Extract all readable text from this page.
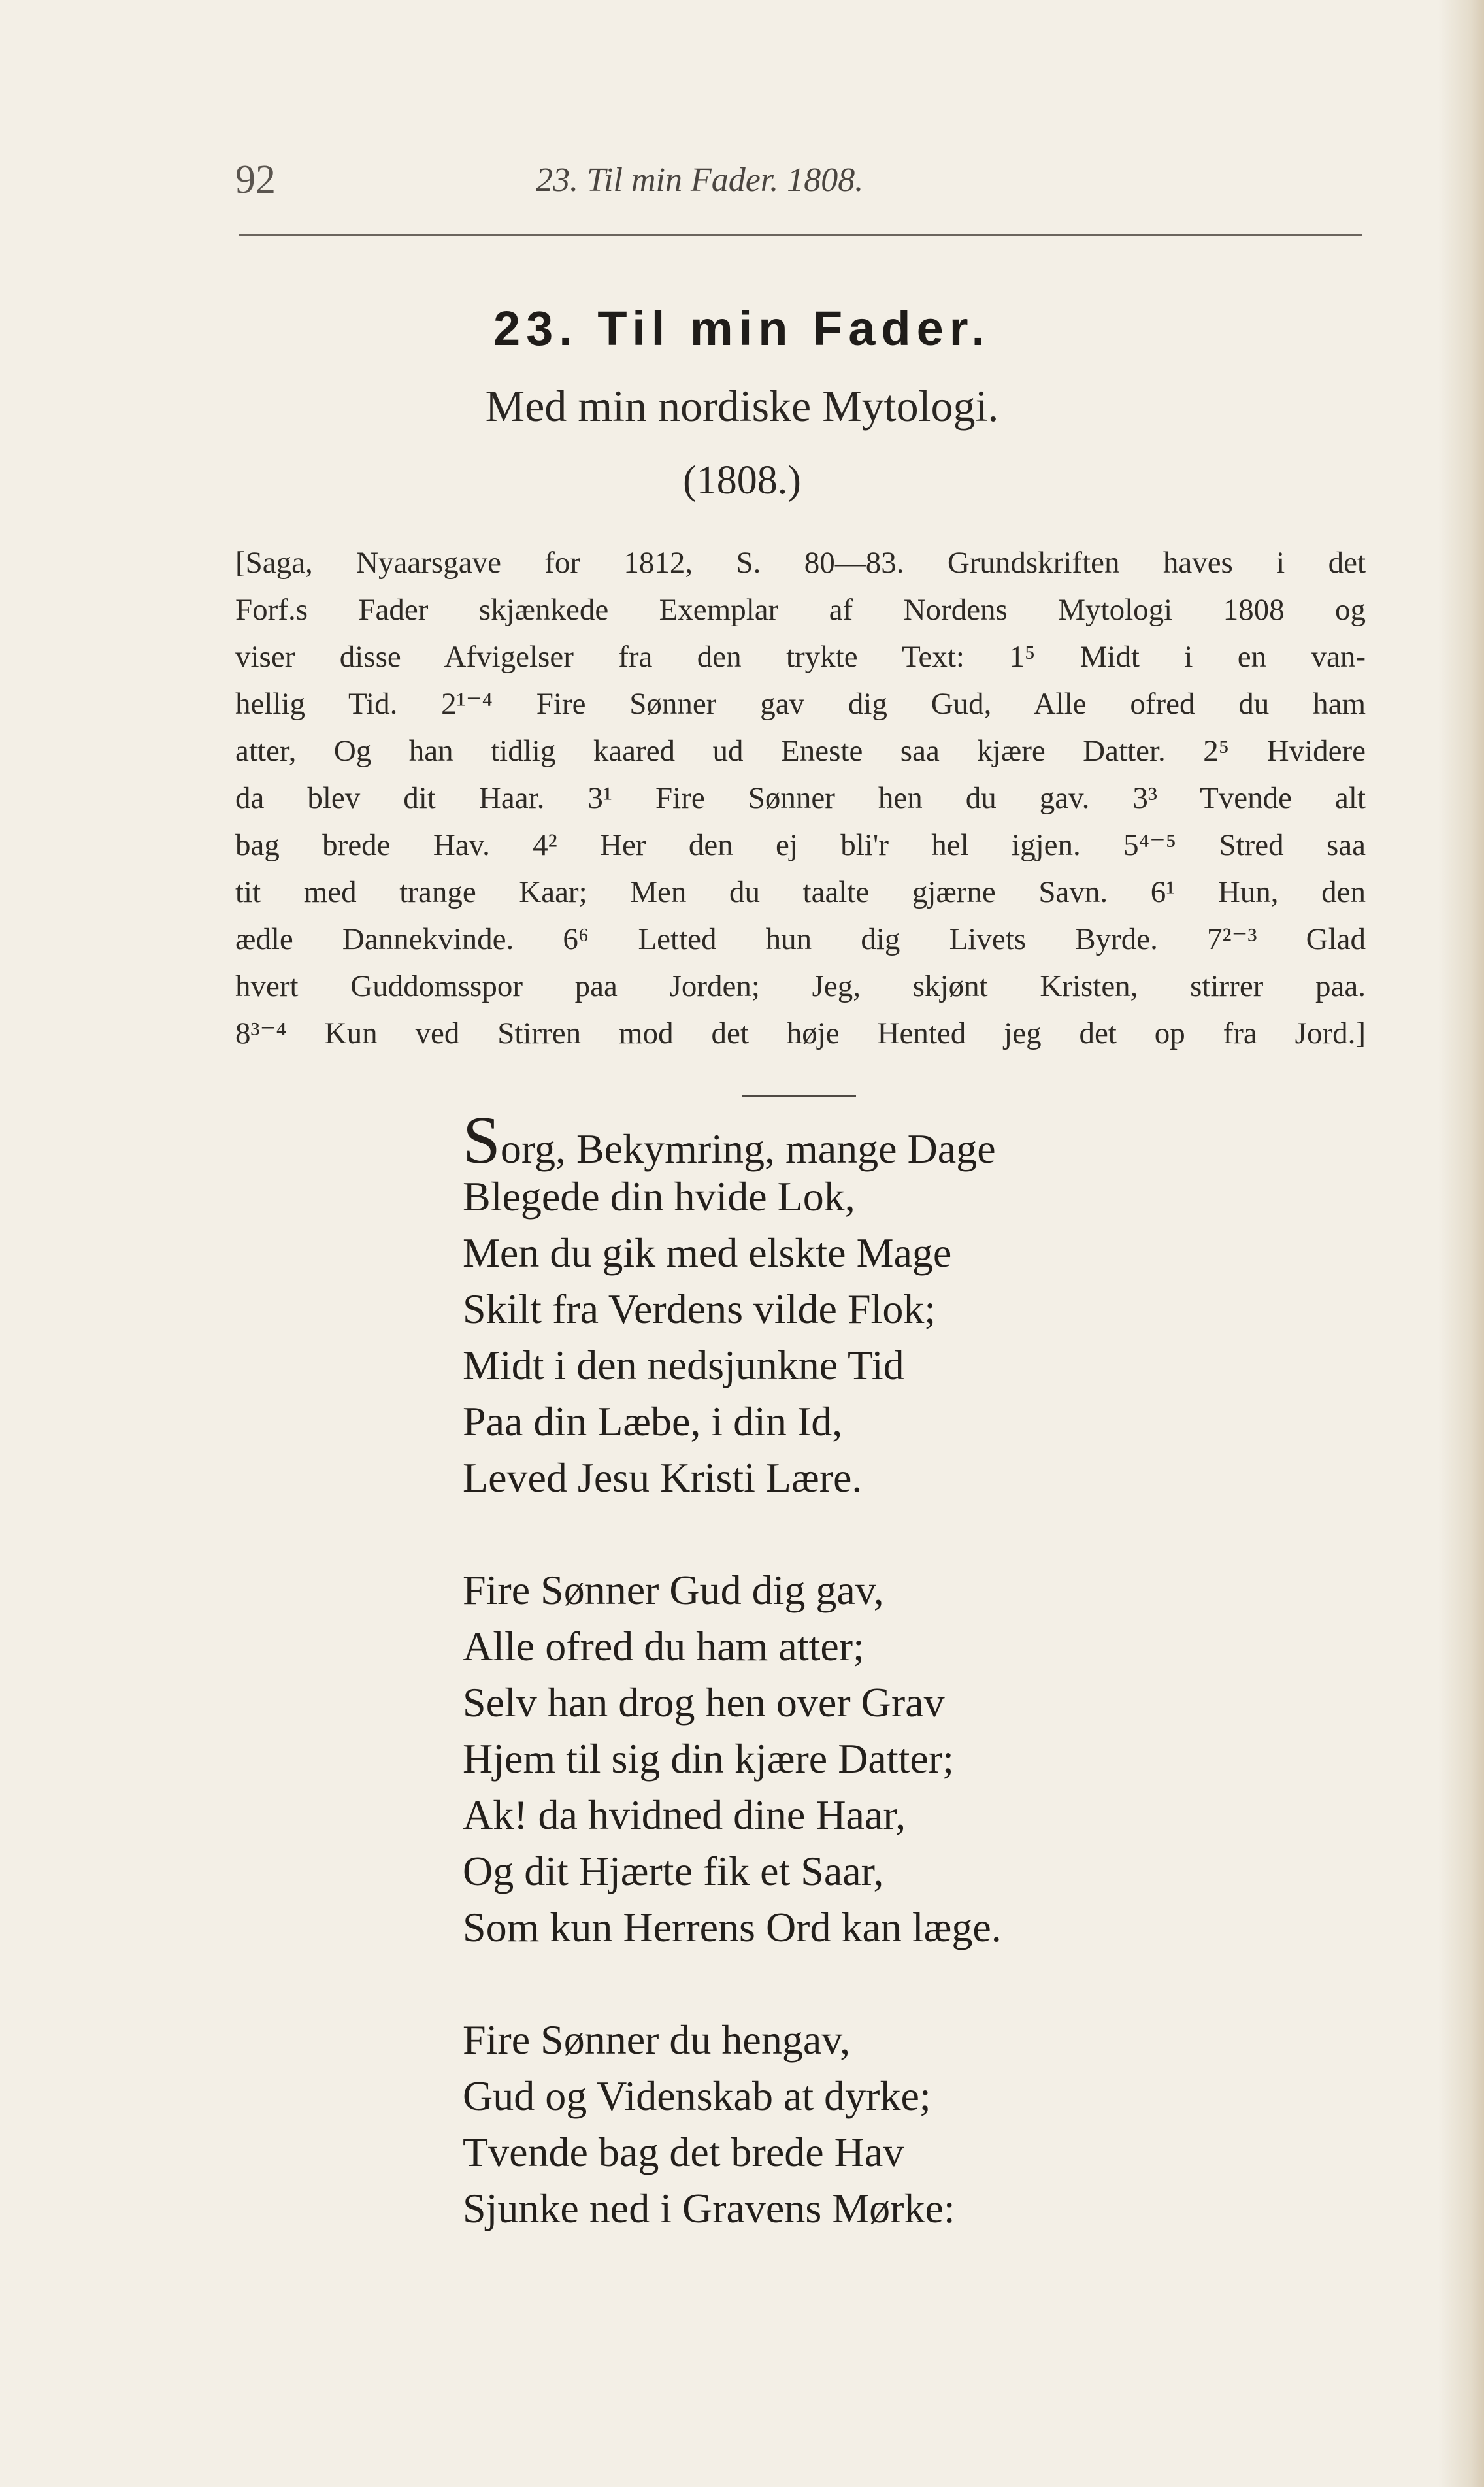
92	23. Til min Fader. 1808.
23. Til min Fader.
Med min nordiske Mytologi.
(1808.)
[Saga, Nyaarsgave for 1812, S. 80—83. Grundskriften haves i det
Forf.s Fader skjænkede Exemplar af Nordens Mytologi 1808 og
viser disse Afvigelser fra den trykte Text: 1⁵ Midt i en van-
hellig Tid. 2¹⁻⁴ Fire Sønner gav dig Gud, Alle ofred du ham
atter, Og han tidlig kaared ud Eneste saa kjære Datter. 2⁵ Hvidere
da blev dit Haar. 3¹ Fire Sønner hen du gav. 3³ Tvende alt
bag brede Hav. 4² Her den ej bli'r hel igjen. 5⁴⁻⁵ Stred saa
tit med trange Kaar; Men du taalte gjærne Savn. 6¹ Hun, den
ædle Dannekvinde. 6⁶ Letted hun dig Livets Byrde. 7²⁻³ Glad
hvert Guddomsspor paa Jorden; Jeg, skjønt Kristen, stirrer paa.
8³⁻⁴ Kun ved Stirren mod det høje Hented jeg det op fra Jord.]
Sorg, Bekymring, mange Dage
Blegede din hvide Lok,
Men du gik med elskte Mage
Skilt fra Verdens vilde Flok;
Midt i den nedsjunkne Tid
Paa din Læbe, i din Id,
Leved Jesu Kristi Lære.
Fire Sønner Gud dig gav,
Alle ofred du ham atter;
Selv han drog hen over Grav
Hjem til sig din kjære Datter;
Ak! da hvidned dine Haar,
Og dit Hjærte fik et Saar,
Som kun Herrens Ord kan læge.
Fire Sønner du hengav,
Gud og Videnskab at dyrke;
Tvende bag det brede Hav
Sjunke ned i Gravens Mørke:
